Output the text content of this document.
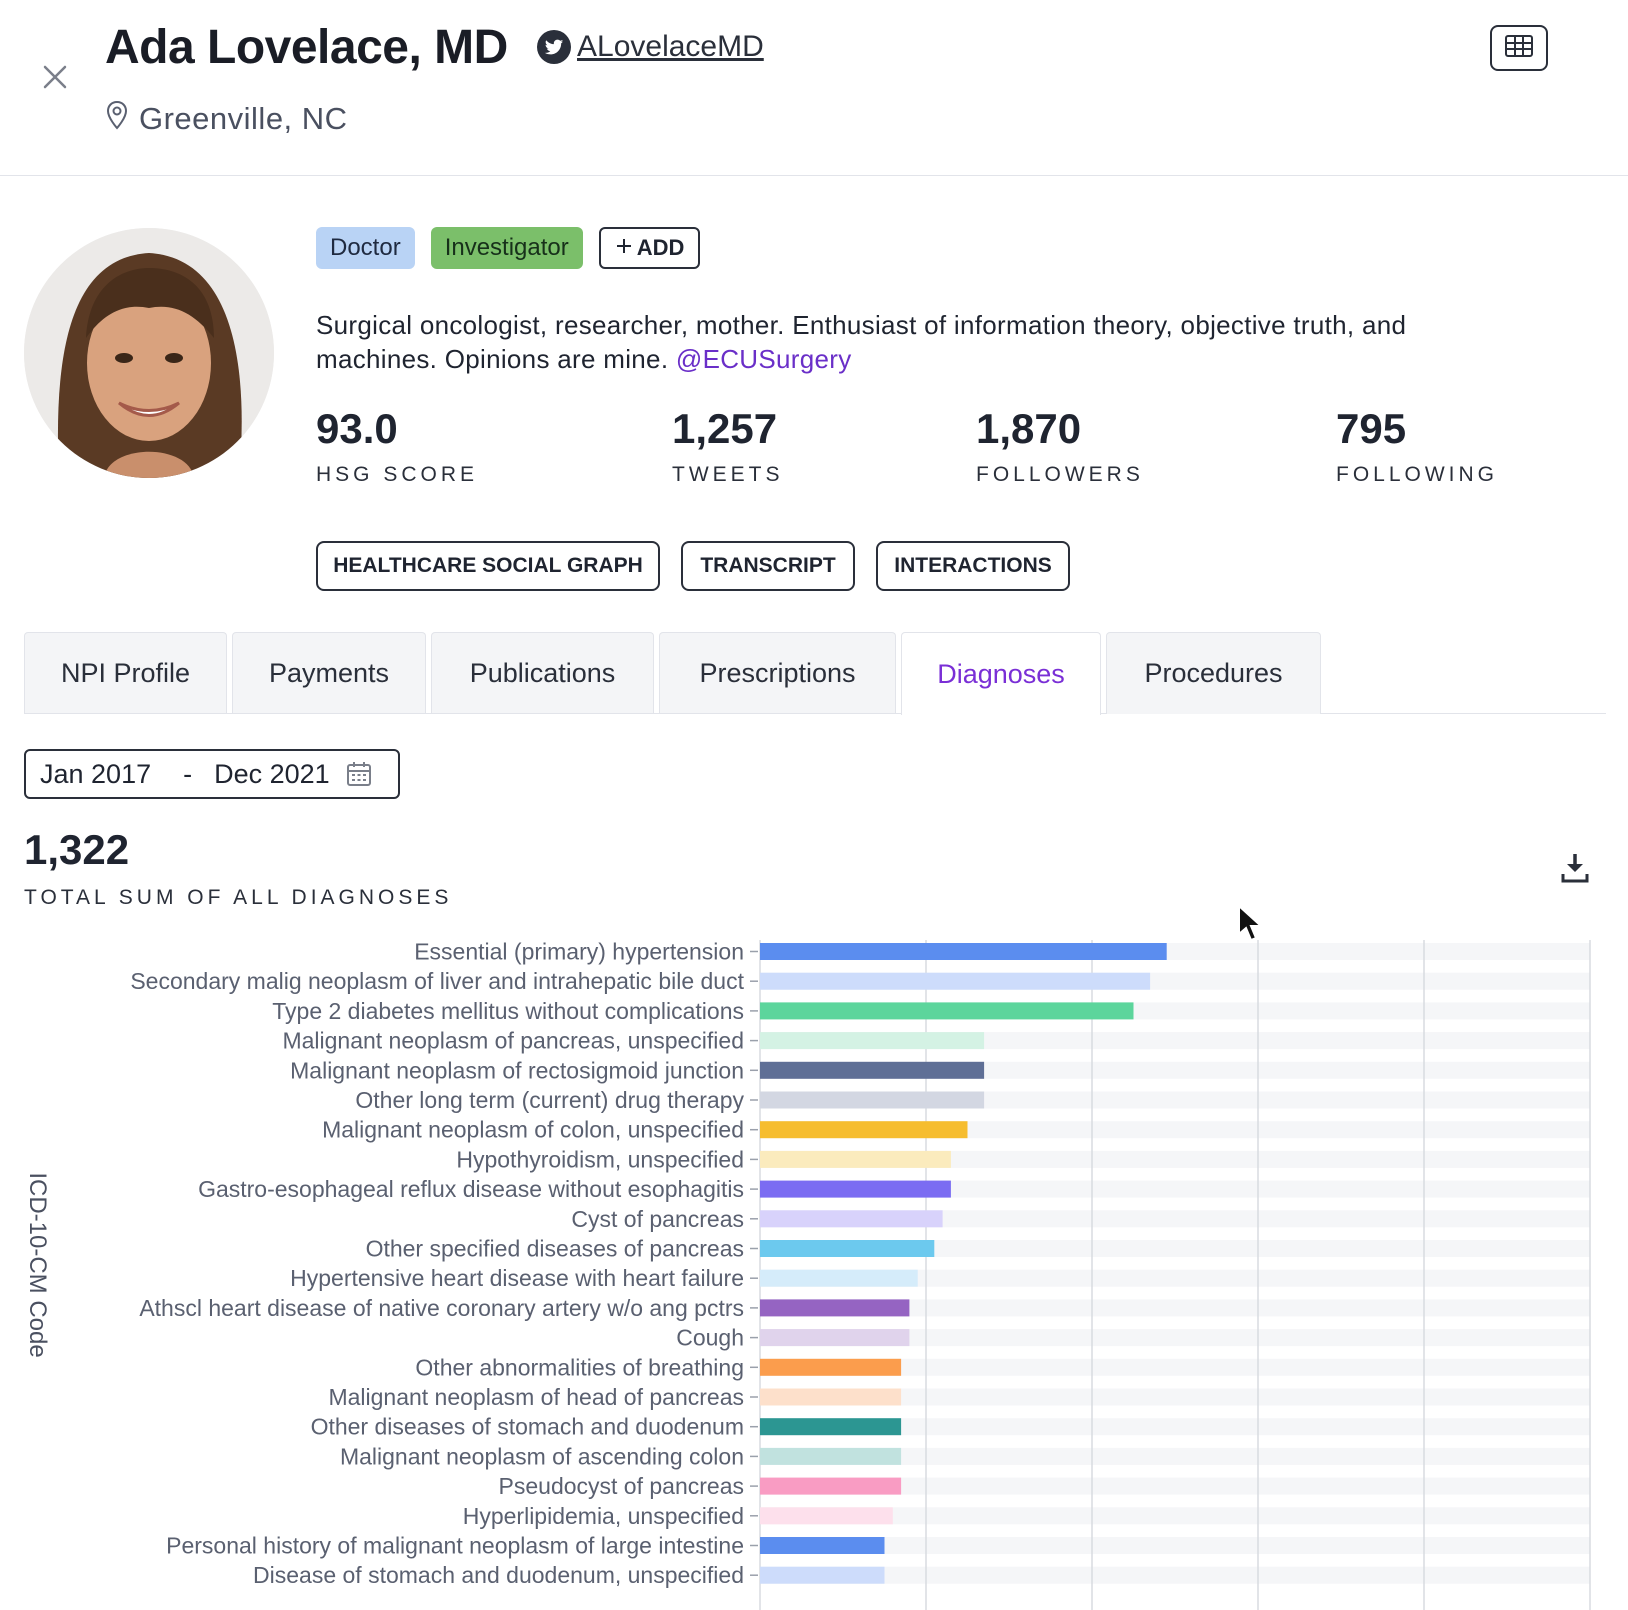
Ada Lovelace, MD ALovelaceMD
Greenville, NC
Doctor	Investigator	ADD
Surgical oncologist, researcher, mother. Enthusiast of information theory, objective truth, and machines. Opinions are mine. @ECUSurgery
93.0
HSG SCORE
1,257
TWEETS
1,870
FOLLOWERS
795
FOLLOWING
HEALTHCARE SOCIAL GRAPH	TRANSCRIPT	INTERACTIONS
NPI Profile	Payments	Publications	Prescriptions	Diagnoses	Procedures
Jan 2017 - Dec 2021
1,322
TOTAL SUM OF ALL DIAGNOSES
Essential (primary) hypertension
Secondary malig neoplasm of liver and intrahepatic bile duct
Type 2 diabetes mellitus without complications
Malignant neoplasm of pancreas, unspecified
Malignant neoplasm of rectosigmoid junction
Other long term (current) drug therapy
Malignant neoplasm of colon, unspecified
Hypothyroidism, unspecified
Gastro-esophageal reflux disease without esophagitis
Cyst of pancreas
Other specified diseases of pancreas
Hypertensive heart disease with heart failure
Athscl heart disease of native coronary artery w/o ang pctrs
Cough
Other abnormalities of breathing
Malignant neoplasm of head of pancreas
Other diseases of stomach and duodenum
Malignant neoplasm of ascending colon
Pseudocyst of pancreas
Hyperlipidemia, unspecified
Personal history of malignant neoplasm of large intestine
Disease of stomach and duodenum, unspecified
ICD-10-CM Code
